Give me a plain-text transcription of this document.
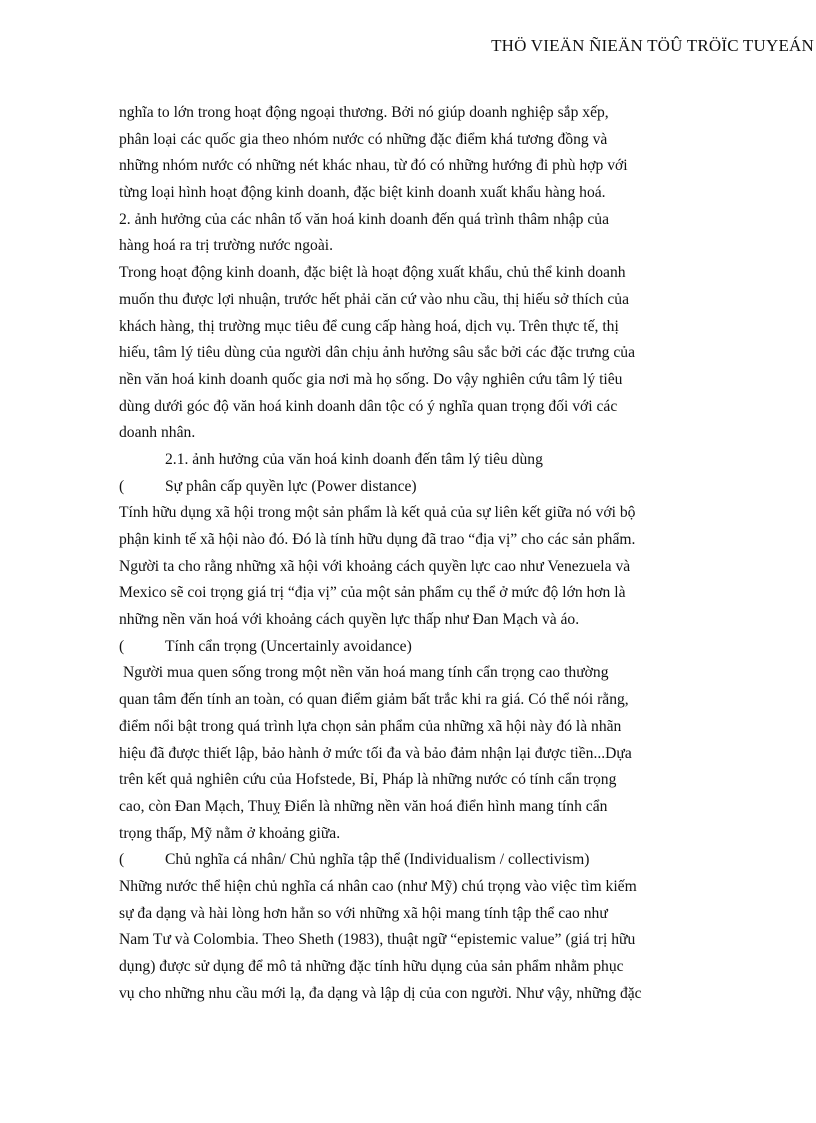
THÖ VIEÄN ÑIEÄN TÖÛ TRÖÏC TUYEÁN
nghĩa to lớn trong hoạt động ngoại thương. Bởi nó giúp doanh nghiệp sắp xếp,
phân loại các quốc gia theo nhóm nước có những đặc điểm khá tương đồng và
những nhóm nước có những nét khác nhau, từ đó có những hướng đi phù hợp với
từng loại hình hoạt động kinh doanh, đặc biệt kinh doanh xuất khẩu hàng hoá.
2. ảnh hưởng của các nhân tố văn hoá kinh doanh đến quá trình thâm nhập của
hàng hoá ra trị trường nước ngoài.
Trong hoạt động kinh doanh, đặc biệt là hoạt động xuất khẩu, chủ thể kinh doanh
muốn thu được lợi nhuận, trước hết phải căn cứ vào nhu cầu, thị hiếu sở thích của
khách hàng, thị trường mục tiêu để cung cấp hàng hoá, dịch vụ. Trên thực tế, thị
hiếu, tâm lý tiêu dùng của người dân chịu ảnh hưởng sâu sắc bởi các đặc trưng của
nền văn hoá kinh doanh quốc gia nơi mà họ sống. Do vậy nghiên cứu tâm lý tiêu
dùng dưới góc độ văn hoá kinh doanh dân tộc có ý nghĩa quan trọng đối với các
doanh nhân.
2.1. ảnh hưởng của văn hoá kinh doanh đến tâm lý tiêu dùng
(	Sự phân cấp quyền lực (Power distance)
Tính hữu dụng xã hội trong một sản phẩm là kết quả của sự liên kết giữa nó với bộ
phận kinh tế xã hội nào đó. Đó là tính hữu dụng đã trao “địa vị” cho các sản phẩm.
Người ta cho rằng những xã hội với khoảng cách quyền lực cao như Venezuela và
Mexico sẽ coi trọng giá trị “địa vị” của một sản phẩm cụ thể ở mức độ lớn hơn là
những nền văn hoá với khoảng cách quyền lực thấp như Đan Mạch và áo.
(	Tính cẩn trọng (Uncertainly avoidance)
Người mua quen sống trong một nền văn hoá mang tính cẩn trọng cao thường
quan tâm đến tính an toàn, có quan điểm giảm bất trắc khi ra giá. Có thể nói rằng,
điểm nổi bật trong quá trình lựa chọn sản phẩm của những xã hội này đó là nhãn
hiệu đã được thiết lập, bảo hành ở mức tối đa và bảo đảm nhận lại được tiền...Dựa
trên kết quả nghiên cứu của Hofstede, Bỉ, Pháp là những nước có tính cẩn trọng
cao, còn Đan Mạch, Thuỵ Điển là những nền văn hoá điển hình mang tính cẩn
trọng thấp, Mỹ nằm ở khoảng giữa.
(	Chủ nghĩa cá nhân/ Chủ nghĩa tập thể (Individualism / collectivism)
Những nước thể hiện chủ nghĩa cá nhân cao (như Mỹ) chú trọng vào việc tìm kiếm
sự đa dạng và hài lòng hơn hẳn so với những xã hội mang tính tập thể cao như
Nam Tư và Colombia. Theo Sheth (1983), thuật ngữ “epistemic value” (giá trị hữu
dụng) được sử dụng để mô tả những đặc tính hữu dụng của sản phẩm nhằm phục
vụ cho những nhu cầu mới lạ, đa dạng và lập dị của con người. Như vậy, những đặc
